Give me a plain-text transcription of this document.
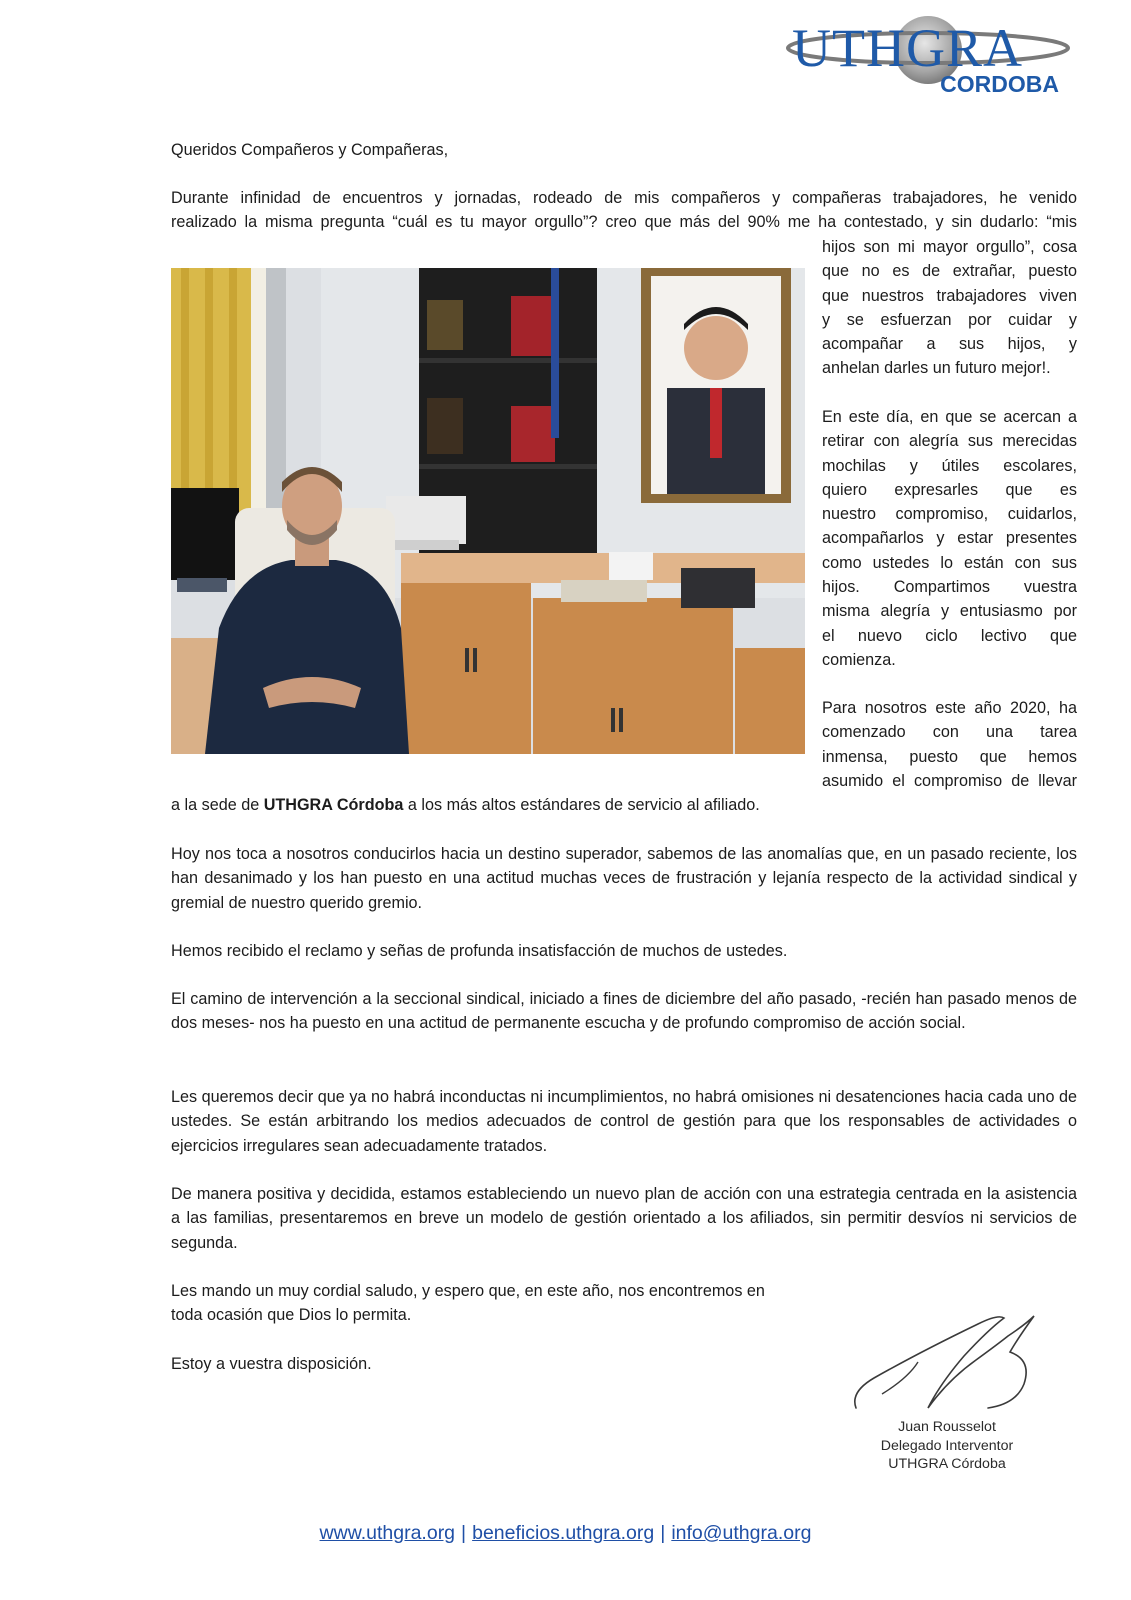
UTHGRA
CORDOBA
Queridos Compañeros y Compañeras,
Durante infinidad de encuentros y jornadas, rodeado de mis compañeros y compañeras trabajadores, he venido
realizado la misma pregunta “cuál es tu mayor orgullo”? creo que más del 90% me ha contestado, y sin dudarlo: “mis
hijos son mi mayor orgullo”, cosa
que no es de extrañar, puesto
que nuestros trabajadores viven
y se esfuerzan por cuidar y
acompañar a sus hijos, y
anhelan darles un futuro mejor!.
En este día, en que se acercan a
retirar con alegría sus merecidas
mochilas y útiles escolares,
quiero expresarles que es
nuestro compromiso, cuidarlos,
acompañarlos y estar presentes
como ustedes lo están con sus
hijos. Compartimos vuestra
misma alegría y entusiasmo por
el nuevo ciclo lectivo que
comienza.
Para nosotros este año 2020, ha
comenzado con una tarea
inmensa, puesto que hemos
asumido el compromiso de llevar
a la sede de UTHGRA Córdoba a los más altos estándares de servicio al afiliado.
Hoy nos toca a nosotros conducirlos hacia un destino superador, sabemos de las anomalías que, en un pasado reciente, los han desanimado y los han puesto en una actitud muchas veces de frustración y lejanía respecto de la actividad sindical y gremial de nuestro querido gremio.
Hemos recibido el reclamo y señas de profunda insatisfacción de muchos de ustedes.
El camino de intervención a la seccional sindical, iniciado a fines de diciembre del año pasado, -recién han pasado menos de dos meses- nos ha puesto en una actitud de permanente escucha y de profundo compromiso de acción social.
Les queremos decir que ya no habrá inconductas ni incumplimientos, no habrá omisiones ni desatenciones hacia cada uno de ustedes. Se están arbitrando los medios adecuados de control de gestión para que los responsables de actividades o ejercicios irregulares sean adecuadamente tratados.
De manera positiva y decidida, estamos estableciendo un nuevo plan de acción con una estrategia centrada en la asistencia a las familias, presentaremos en breve un modelo de gestión orientado a los afiliados, sin permitir desvíos ni servicios de segunda.
Les mando un muy cordial saludo, y espero que, en este año, nos encontremos en
toda ocasión que Dios lo permita.
Estoy a vuestra disposición.
Juan Rousselot
Delegado Interventor
UTHGRA Córdoba
www.uthgra.org | beneficios.uthgra.org | info@uthgra.org
